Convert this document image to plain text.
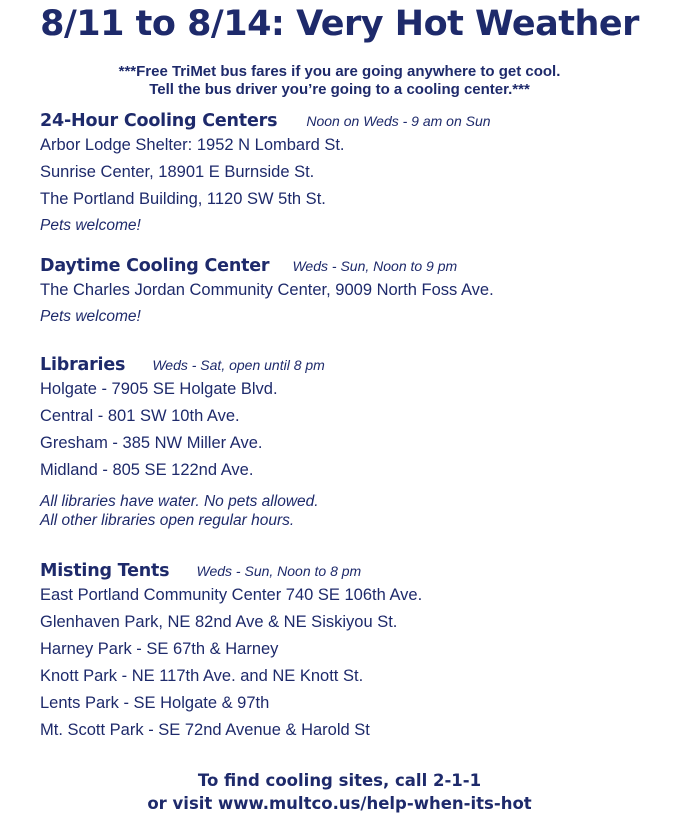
8/11 to 8/14: Very Hot Weather
***Free TriMet bus fares if you are going anywhere to get cool.
Tell the bus driver you’re going to a cooling center.***
24-Hour Cooling Centers Noon on Weds - 9 am on Sun
Arbor Lodge Shelter: 1952 N Lombard St.
Sunrise Center, 18901 E Burnside St.
The Portland Building, 1120 SW 5th St.
Pets welcome!
Daytime Cooling Center Weds - Sun, Noon to 9 pm
The Charles Jordan Community Center, 9009 North Foss Ave.
Pets welcome!
Libraries Weds - Sat, open until 8 pm
Holgate - 7905 SE Holgate Blvd.
Central - 801 SW 10th Ave.
Gresham - 385 NW Miller Ave.
Midland - 805 SE 122nd Ave.
All libraries have water. No pets allowed.
All other libraries open regular hours.
Misting Tents Weds - Sun, Noon to 8 pm
East Portland Community Center 740 SE 106th Ave.
Glenhaven Park, NE 82nd Ave & NE Siskiyou St.
Harney Park - SE 67th & Harney
Knott Park - NE 117th Ave. and NE Knott St.
Lents Park - SE Holgate & 97th
Mt. Scott Park - SE 72nd Avenue & Harold St
To find cooling sites, call 2-1-1
or visit www.multco.us/help-when-its-hot
